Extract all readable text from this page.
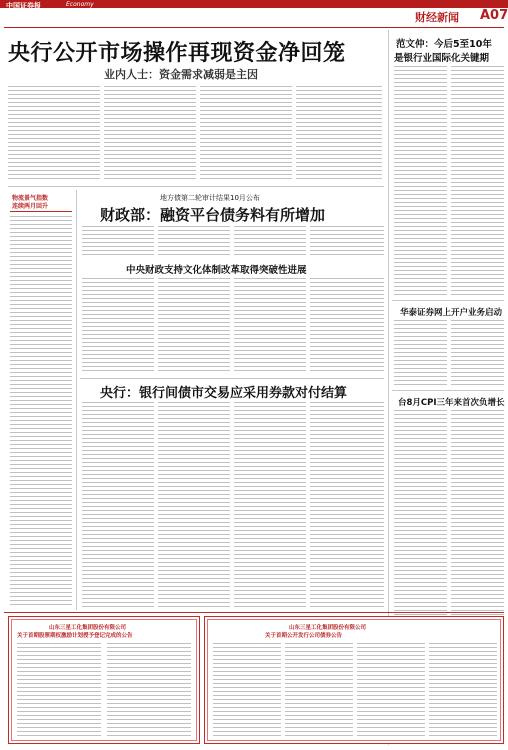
中国证券报	Economy
财经新闻 A07
央行公开市场操作再现资金净回笼
业内人士：资金需求减弱是主因
范文仲：今后5至10年
是银行业国际化关键期
华泰证券网上开户业务启动
台8月CPI三年来首次负增长
物流景气指数
连续两月回升
地方债第二轮审计结果10月公布
财政部：融资平台债务料有所增加
中央财政支持文化体制改革取得突破性进展
央行：银行间债市交易应采用券款对付结算
山东三星工化集团股份有限公司
关于首期股票期权激励计划授予登记完成的公告
山东三星工化集团股份有限公司
关于首期公开发行公司债券公告
